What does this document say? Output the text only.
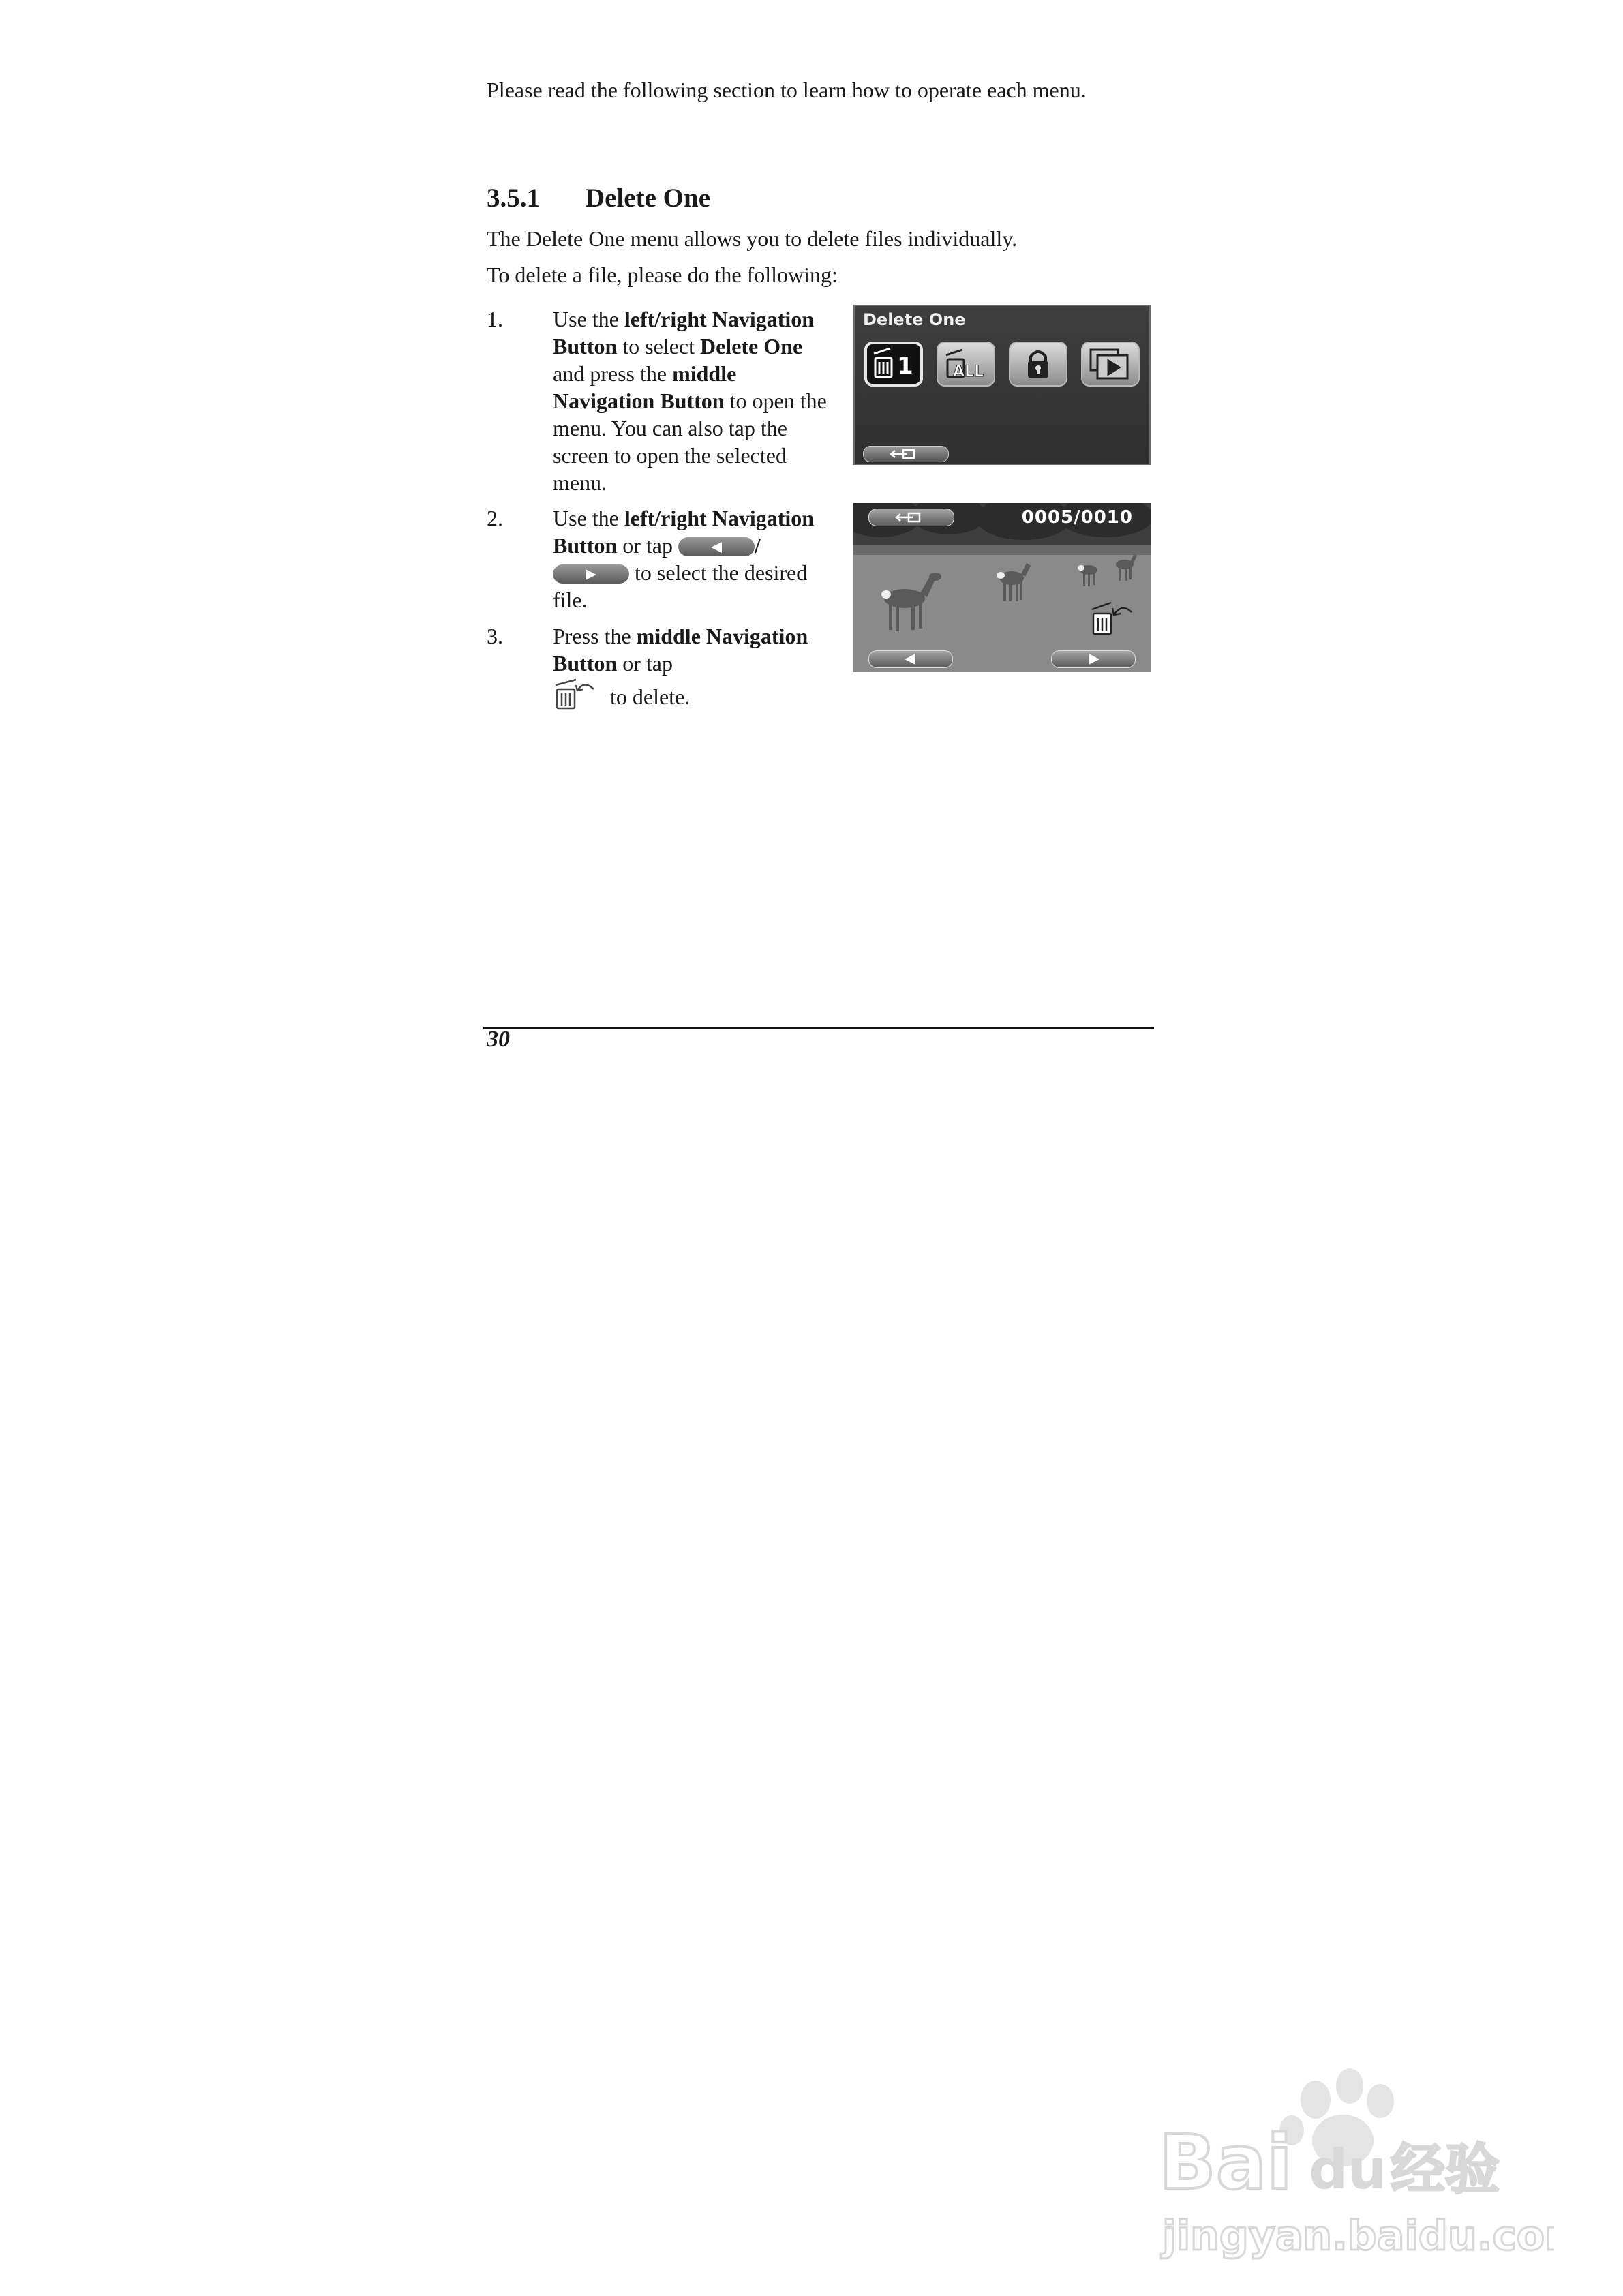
Please read the following section to learn how to operate each menu.
3.5.1 Delete One
The Delete One menu allows you to delete files individually.
To delete a file, please do the following:
1. Use the left/right Navigation Button to select Delete One and press the middle Navigation Button to open the menu. You can also tap the screen to open the selected menu.
2. Use the left/right Navigation Button or tap	/
to select the desired file.
3. Press the middle Navigation Button or tap
to delete.
Delete One
1	ALL
0005/0010
30
Bai du 经验
jingyan.baidu.com
